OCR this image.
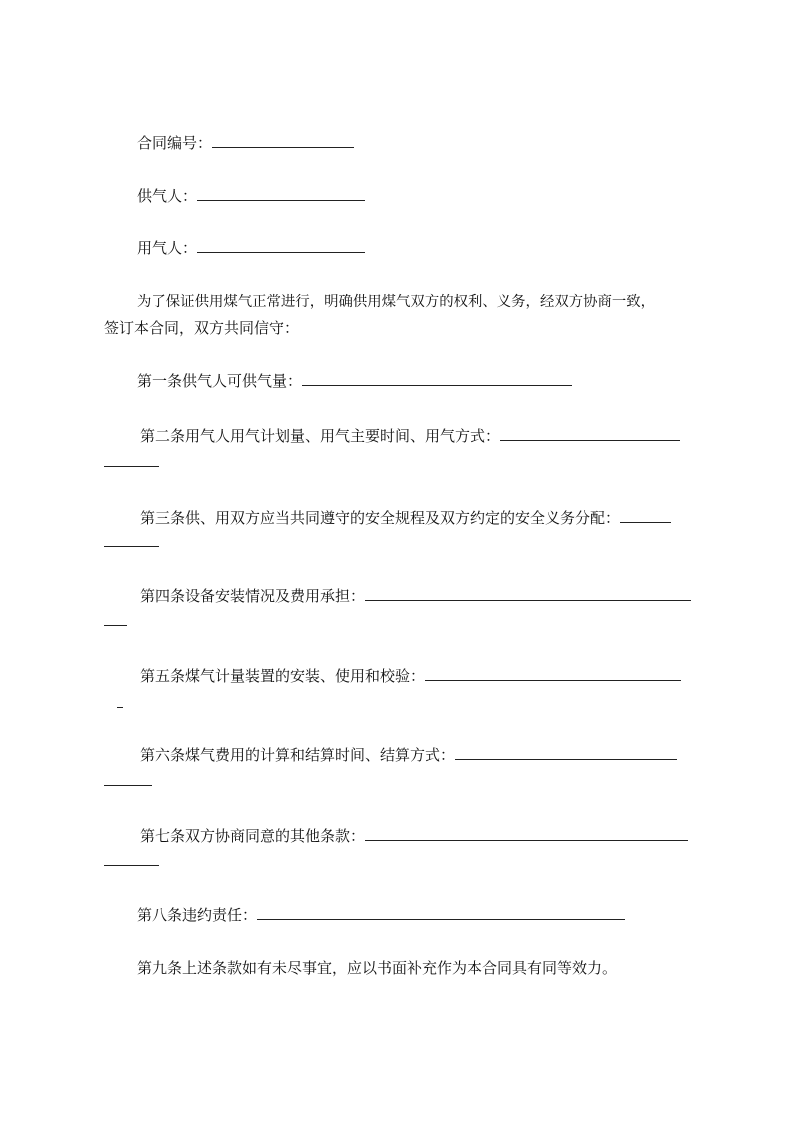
合同编号：
供气人：
用气人：
为了保证供用煤气正常进行，明确供用煤气双方的权利、义务，经双方协商一致，
签订本合同，双方共同信守：
第一条供气人可供气量：
第二条用气人用气计划量、用气主要时间、用气方式：
第三条供、用双方应当共同遵守的安全规程及双方约定的安全义务分配：
第四条设备安装情况及费用承担：
第五条煤气计量装置的安装、使用和校验：
第六条煤气费用的计算和结算时间、结算方式：
第七条双方协商同意的其他条款：
第八条违约责任：
第九条上述条款如有未尽事宜，应以书面补充作为本合同具有同等效力。
